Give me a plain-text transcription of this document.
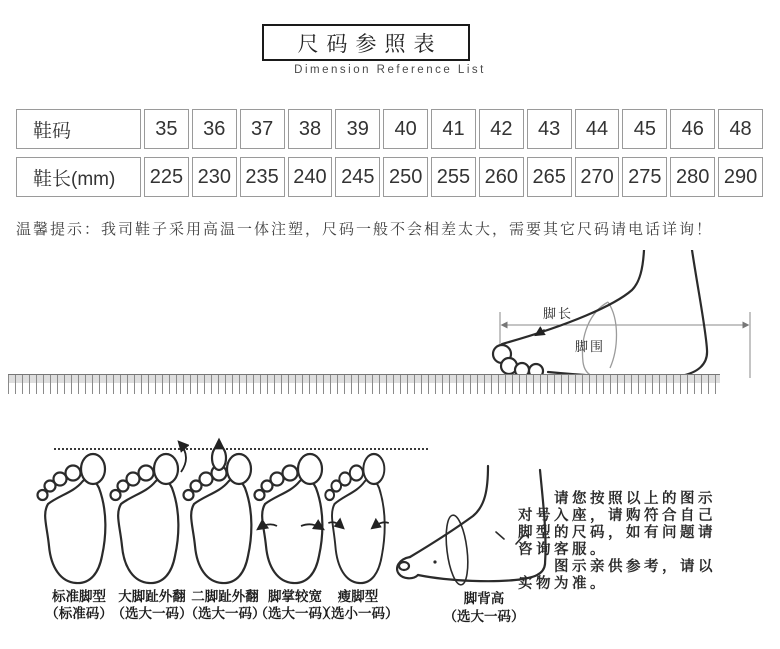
尺码参照表
Dimension Reference List
鞋码	35	36	37	38	39	40	41	42	43	44	45	46	48
鞋长(mm)	225	230	235	240	245	250	255	260	265	270	275	280	290
温馨提示：我司鞋子采用高温一体注塑，尺码一般不会相差太大，需要其它尺码请电话详询！
脚长
脚围
标准脚型
（标准码）
大脚趾外翻
（选大一码）
二脚趾外翻
（选大一码）
脚掌较宽
（选大一码）
瘦脚型
（选小一码）
脚背高
（选大一码）
　　请您按照以上的图示
对号入座，请购符合自己
脚型的尺码，如有问题请
咨询客服。
　　图示亲供参考，请以
实物为准。
